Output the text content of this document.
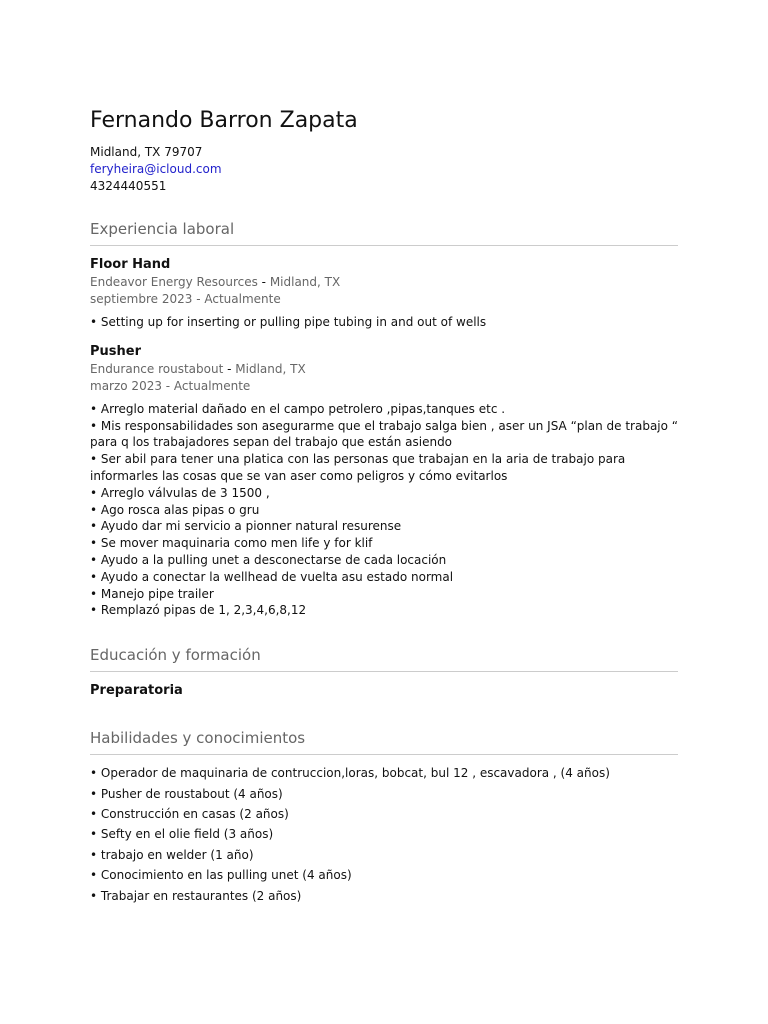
Fernando Barron Zapata
Midland, TX 79707
feryheira@icloud.com
4324440551
Experiencia laboral
Floor Hand
Endeavor Energy Resources - Midland, TX
septiembre 2023 - Actualmente
• Setting up for inserting or pulling pipe tubing in and out of wells
Pusher
Endurance roustabout - Midland, TX
marzo 2023 - Actualmente
• Arreglo material dañado en el campo petrolero ,pipas,tanques etc .
• Mis responsabilidades son asegurarme que el trabajo salga bien , aser un JSA “plan de trabajo “ para q los trabajadores sepan del trabajo que están asiendo
• Ser abil para tener una platica con las personas que trabajan en la aria de trabajo para informarles las cosas que se van aser como peligros y cómo evitarlos
• Arreglo válvulas de 3 1500 ,
• Ago rosca alas pipas o gru
• Ayudo dar mi servicio a pionner natural resurense
• Se mover maquinaria como men life y for klif
• Ayudo a la pulling unet a desconectarse de cada locación
• Ayudo a conectar la wellhead de vuelta asu estado normal
• Manejo pipe trailer
• Remplazó pipas de 1, 2,3,4,6,8,12
Educación y formación
Preparatoria
Habilidades y conocimientos
• Operador de maquinaria de contruccion,loras, bobcat, bul 12 , escavadora , (4 años)
• Pusher de roustabout (4 años)
• Construcción en casas (2 años)
• Sefty en el olie field (3 años)
• trabajo en welder (1 año)
• Conocimiento en las pulling unet (4 años)
• Trabajar en restaurantes (2 años)
